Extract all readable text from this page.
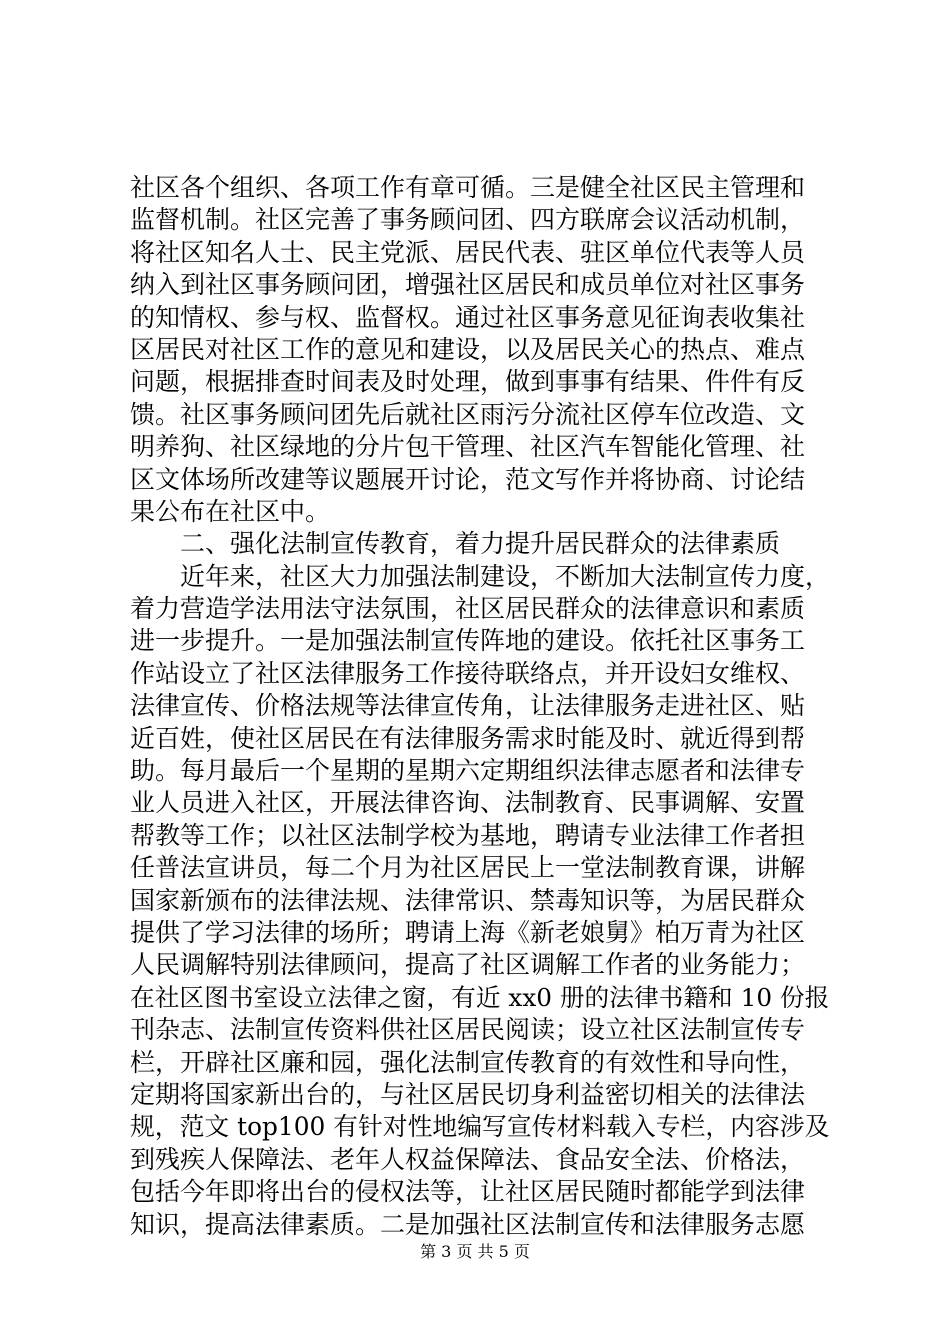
社区各个组织、各项工作有章可循。三是健全社区民主管理和
监督机制。社区完善了事务顾问团、四方联席会议活动机制，
将社区知名人士、民主党派、居民代表、驻区单位代表等人员
纳入到社区事务顾问团，增强社区居民和成员单位对社区事务
的知情权、参与权、监督权。通过社区事务意见征询表收集社
区居民对社区工作的意见和建设，以及居民关心的热点、难点
问题，根据排查时间表及时处理，做到事事有结果、件件有反
馈。社区事务顾问团先后就社区雨污分流社区停车位改造、文
明养狗、社区绿地的分片包干管理、社区汽车智能化管理、社
区文体场所改建等议题展开讨论，范文写作并将协商、讨论结
果公布在社区中。
　　二、强化法制宣传教育，着力提升居民群众的法律素质
　　近年来，社区大力加强法制建设，不断加大法制宣传力度，
着力营造学法用法守法氛围，社区居民群众的法律意识和素质
进一步提升。一是加强法制宣传阵地的建设。依托社区事务工
作站设立了社区法律服务工作接待联络点，并开设妇女维权、
法律宣传、价格法规等法律宣传角，让法律服务走进社区、贴
近百姓，使社区居民在有法律服务需求时能及时、就近得到帮
助。每月最后一个星期的星期六定期组织法律志愿者和法律专
业人员进入社区，开展法律咨询、法制教育、民事调解、安置
帮教等工作；以社区法制学校为基地，聘请专业法律工作者担
任普法宣讲员，每二个月为社区居民上一堂法制教育课，讲解
国家新颁布的法律法规、法律常识、禁毒知识等，为居民群众
提供了学习法律的场所；聘请上海《新老娘舅》柏万青为社区
人民调解特别法律顾问，提高了社区调解工作者的业务能力；
在社区图书室设立法律之窗，有近 xx0 册的法律书籍和 10 份报
刊杂志、法制宣传资料供社区居民阅读；设立社区法制宣传专
栏，开辟社区廉和园，强化法制宣传教育的有效性和导向性，
定期将国家新出台的，与社区居民切身利益密切相关的法律法
规，范文 top100 有针对性地编写宣传材料载入专栏，内容涉及
到残疾人保障法、老年人权益保障法、食品安全法、价格法，
包括今年即将出台的侵权法等，让社区居民随时都能学到法律
知识，提高法律素质。二是加强社区法制宣传和法律服务志愿
第 3 页 共 5 页
